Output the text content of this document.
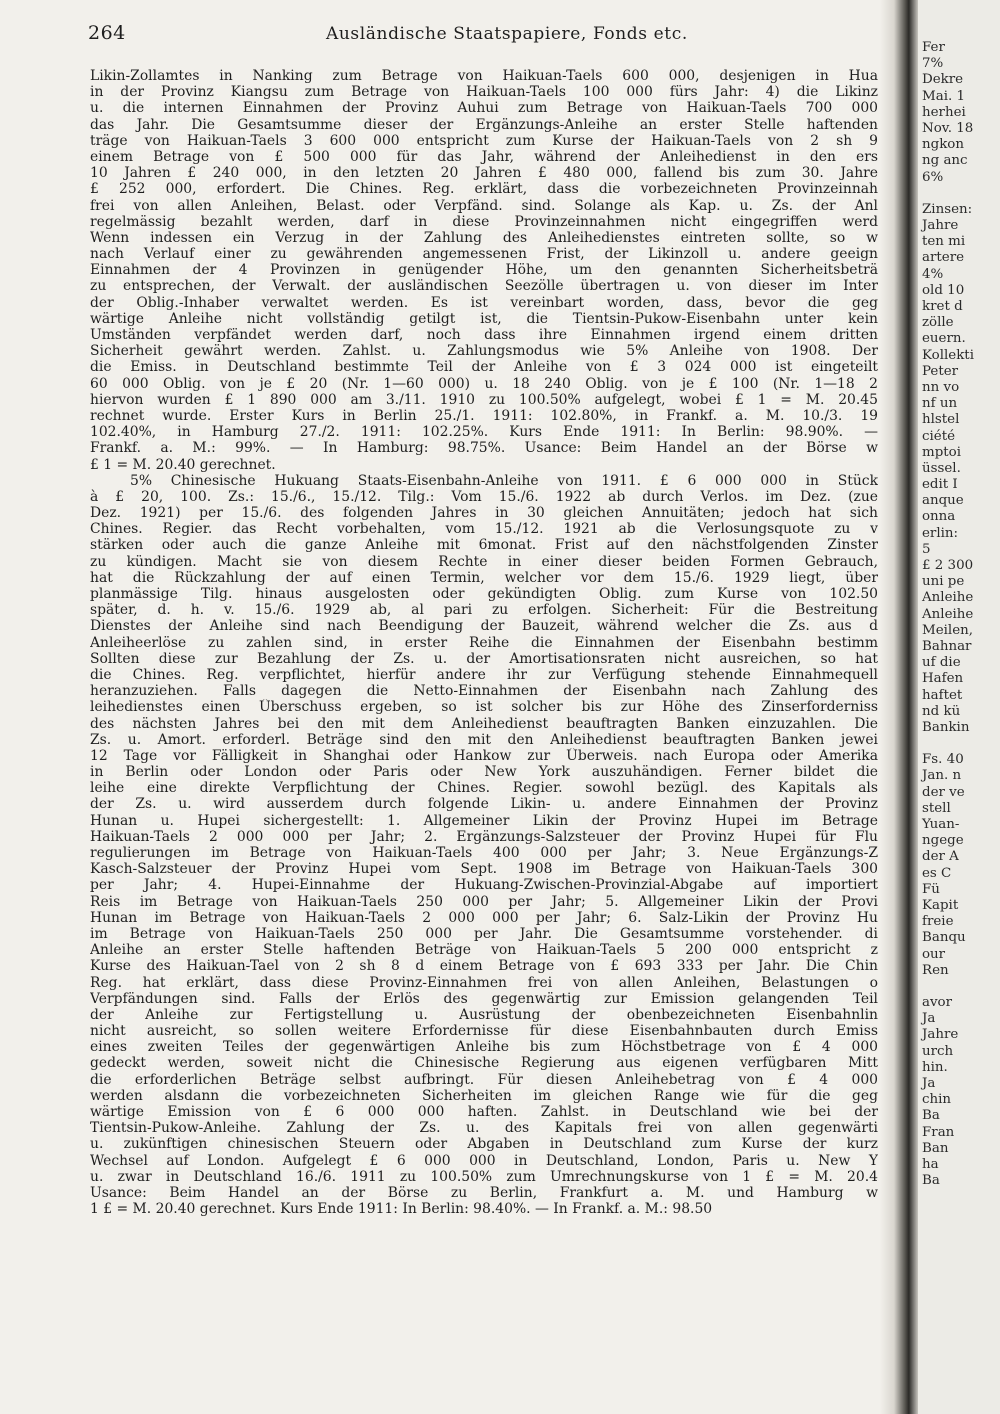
264	Ausländische Staatspapiere, Fonds etc.
Likin-Zollamtes in Nanking zum Betrage von Haikuan-Taels 600 000, desjenigen in Hua
in der Provinz Kiangsu zum Betrage von Haikuan-Taels 100 000 fürs Jahr: 4) die Likinz
u. die internen Einnahmen der Provinz Auhui zum Betrage von Haikuan-Taels 700 000
das Jahr. Die Gesamtsumme dieser der Ergänzungs-Anleihe an erster Stelle haftenden
träge von Haikuan-Taels 3 600 000 entspricht zum Kurse der Haikuan-Taels von 2 sh 9
einem Betrage von £ 500 000 für das Jahr, während der Anleihedienst in den ers
10 Jahren £ 240 000, in den letzten 20 Jahren £ 480 000, fallend bis zum 30. Jahre
£ 252 000, erfordert. Die Chines. Reg. erklärt, dass die vorbezeichneten Provinzeinnah
frei von allen Anleihen, Belast. oder Verpfänd. sind. Solange als Kap. u. Zs. der Anl
regelmässig bezahlt werden, darf in diese Provinzeinnahmen nicht eingegriffen werd
Wenn indessen ein Verzug in der Zahlung des Anleihedienstes eintreten sollte, so w
nach Verlauf einer zu gewährenden angemessenen Frist, der Likinzoll u. andere geeign
Einnahmen der 4 Provinzen in genügender Höhe, um den genannten Sicherheitsbeträ
zu entsprechen, der Verwalt. der ausländischen Seezölle übertragen u. von dieser im Inter
der Oblig.-Inhaber verwaltet werden. Es ist vereinbart worden, dass, bevor die geg
wärtige Anleihe nicht vollständig getilgt ist, die Tientsin-Pukow-Eisenbahn unter kein
Umständen verpfändet werden darf, noch dass ihre Einnahmen irgend einem dritten
Sicherheit gewährt werden. Zahlst. u. Zahlungsmodus wie 5% Anleihe von 1908. Der
die Emiss. in Deutschland bestimmte Teil der Anleihe von £ 3 024 000 ist eingeteilt
60 000 Oblig. von je £ 20 (Nr. 1—60 000) u. 18 240 Oblig. von je £ 100 (Nr. 1—18 2
hiervon wurden £ 1 890 000 am 3./11. 1910 zu 100.50% aufgelegt, wobei £ 1 = M. 20.45
rechnet wurde. Erster Kurs in Berlin 25./1. 1911: 102.80%, in Frankf. a. M. 10./3. 19
102.40%, in Hamburg 27./2. 1911: 102.25%. Kurs Ende 1911: In Berlin: 98.90%. —
Frankf. a. M.: 99%. — In Hamburg: 98.75%. Usance: Beim Handel an der Börse w
£ 1 = M. 20.40 gerechnet.
5% Chinesische Hukuang Staats-Eisenbahn-Anleihe von 1911. £ 6 000 000 in Stück
à £ 20, 100. Zs.: 15./6., 15./12. Tilg.: Vom 15./6. 1922 ab durch Verlos. im Dez. (zue
Dez. 1921) per 15./6. des folgenden Jahres in 30 gleichen Annuitäten; jedoch hat sich
Chines. Regier. das Recht vorbehalten, vom 15./12. 1921 ab die Verlosungsquote zu v
stärken oder auch die ganze Anleihe mit 6monat. Frist auf den nächstfolgenden Zinster
zu kündigen. Macht sie von diesem Rechte in einer dieser beiden Formen Gebrauch,
hat die Rückzahlung der auf einen Termin, welcher vor dem 15./6. 1929 liegt, über
planmässige Tilg. hinaus ausgelosten oder gekündigten Oblig. zum Kurse von 102.50
später, d. h. v. 15./6. 1929 ab, al pari zu erfolgen. Sicherheit: Für die Bestreitung
Dienstes der Anleihe sind nach Beendigung der Bauzeit, während welcher die Zs. aus d
Anleiheerlöse zu zahlen sind, in erster Reihe die Einnahmen der Eisenbahn bestimm
Sollten diese zur Bezahlung der Zs. u. der Amortisationsraten nicht ausreichen, so hat
die Chines. Reg. verpflichtet, hierfür andere ihr zur Verfügung stehende Einnahmequell
heranzuziehen. Falls dagegen die Netto-Einnahmen der Eisenbahn nach Zahlung des
leihedienstes einen Überschuss ergeben, so ist solcher bis zur Höhe des Zinserforderniss
des nächsten Jahres bei den mit dem Anleihedienst beauftragten Banken einzuzahlen. Die
Zs. u. Amort. erforderl. Beträge sind den mit den Anleihedienst beauftragten Banken jewei
12 Tage vor Fälligkeit in Shanghai oder Hankow zur Überweis. nach Europa oder Amerika
in Berlin oder London oder Paris oder New York auszuhändigen. Ferner bildet die
leihe eine direkte Verpflichtung der Chines. Regier. sowohl bezügl. des Kapitals als
der Zs. u. wird ausserdem durch folgende Likin- u. andere Einnahmen der Provinz
Hunan u. Hupei sichergestellt: 1. Allgemeiner Likin der Provinz Hupei im Betrage
Haikuan-Taels 2 000 000 per Jahr; 2. Ergänzungs-Salzsteuer der Provinz Hupei für Flu
regulierungen im Betrage von Haikuan-Taels 400 000 per Jahr; 3. Neue Ergänzungs-Z
Kasch-Salzsteuer der Provinz Hupei vom Sept. 1908 im Betrage von Haikuan-Taels 300
per Jahr; 4. Hupei-Einnahme der Hukuang-Zwischen-Provinzial-Abgabe auf importiert
Reis im Betrage von Haikuan-Taels 250 000 per Jahr; 5. Allgemeiner Likin der Provi
Hunan im Betrage von Haikuan-Taels 2 000 000 per Jahr; 6. Salz-Likin der Provinz Hu
im Betrage von Haikuan-Taels 250 000 per Jahr. Die Gesamtsumme vorstehender. di
Anleihe an erster Stelle haftenden Beträge von Haikuan-Taels 5 200 000 entspricht z
Kurse des Haikuan-Tael von 2 sh 8 d einem Betrage von £ 693 333 per Jahr. Die Chin
Reg. hat erklärt, dass diese Provinz-Einnahmen frei von allen Anleihen, Belastungen o
Verpfändungen sind. Falls der Erlös des gegenwärtig zur Emission gelangenden Teil
der Anleihe zur Fertigstellung u. Ausrüstung der obenbezeichneten Eisenbahnlin
nicht ausreicht, so sollen weitere Erfordernisse für diese Eisenbahnbauten durch Emiss
eines zweiten Teiles der gegenwärtigen Anleihe bis zum Höchstbetrage von £ 4 000
gedeckt werden, soweit nicht die Chinesische Regierung aus eigenen verfügbaren Mitt
die erforderlichen Beträge selbst aufbringt. Für diesen Anleihebetrag von £ 4 000
werden alsdann die vorbezeichneten Sicherheiten im gleichen Range wie für die geg
wärtige Emission von £ 6 000 000 haften. Zahlst. in Deutschland wie bei der
Tientsin-Pukow-Anleihe. Zahlung der Zs. u. des Kapitals frei von allen gegenwärti
u. zukünftigen chinesischen Steuern oder Abgaben in Deutschland zum Kurse der kurz
Wechsel auf London. Aufgelegt £ 6 000 000 in Deutschland, London, Paris u. New Y
u. zwar in Deutschland 16./6. 1911 zu 100.50% zum Umrechnungskurse von 1 £ = M. 20.4
Usance: Beim Handel an der Börse zu Berlin, Frankfurt a. M. und Hamburg w
1 £ = M. 20.40 gerechnet. Kurs Ende 1911: In Berlin: 98.40%. — In Frankf. a. M.: 98.50
Fer
7%
Dekre
Mai. 1
herhei
Nov. 18
ngkon
ng anc
6%
Zinsen:
Jahre
ten mi
artere
4%
old 10
kret d
zölle
euern.
Kollekti
Peter
nn vo
nf un
hlstel
ciété
mptoi
üssel.
edit I
anque
onna
erlin:
5
£ 2 300
uni pe
Anleihe
Anleihe
Meilen,
Bahnar
uf die
Hafen
haftet
nd kü
Bankin
Fs. 40
Jan. n
der ve
stell
Yuan-
ngege
der A
es C
Fü
Kapit
freie
Banqu
our
Ren
avor
Ja
Jahre
urch
hin.
Ja
chin
Ba
Fran
Ban
ha
Ba
